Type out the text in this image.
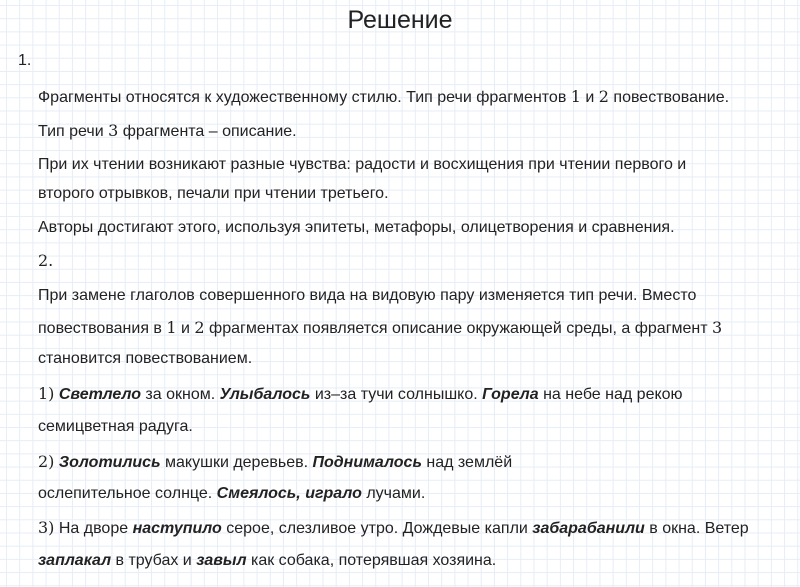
Решение
1.
Фрагменты относятся к художественному стилю. Тип речи фрагментов 1 и 2 повествование.
Тип речи 3 фрагмента – описание.
При их чтении возникают разные чувства: радости и восхищения при чтении первого и
второго отрывков, печали при чтении третьего.
Авторы достигают этого, используя эпитеты, метафоры, олицетворения и сравнения.
2.
При замене глаголов совершенного вида на видовую пару изменяется тип речи. Вместо
повествования в 1 и 2 фрагментах появляется описание окружающей среды, а фрагмент 3
становится повествованием.
1) Светлело за окном. Улыбалось из–за тучи солнышко. Горела на небе над рекою
семицветная радуга.
2) Золотились макушки деревьев. Поднималось над землёй
ослепительное солнце. Смеялось, играло лучами.
3) На дворе наступило серое, слезливое утро. Дождевые капли забарабанили в окна. Ветер
заплакал в трубах и завыл как собака, потерявшая хозяина.
